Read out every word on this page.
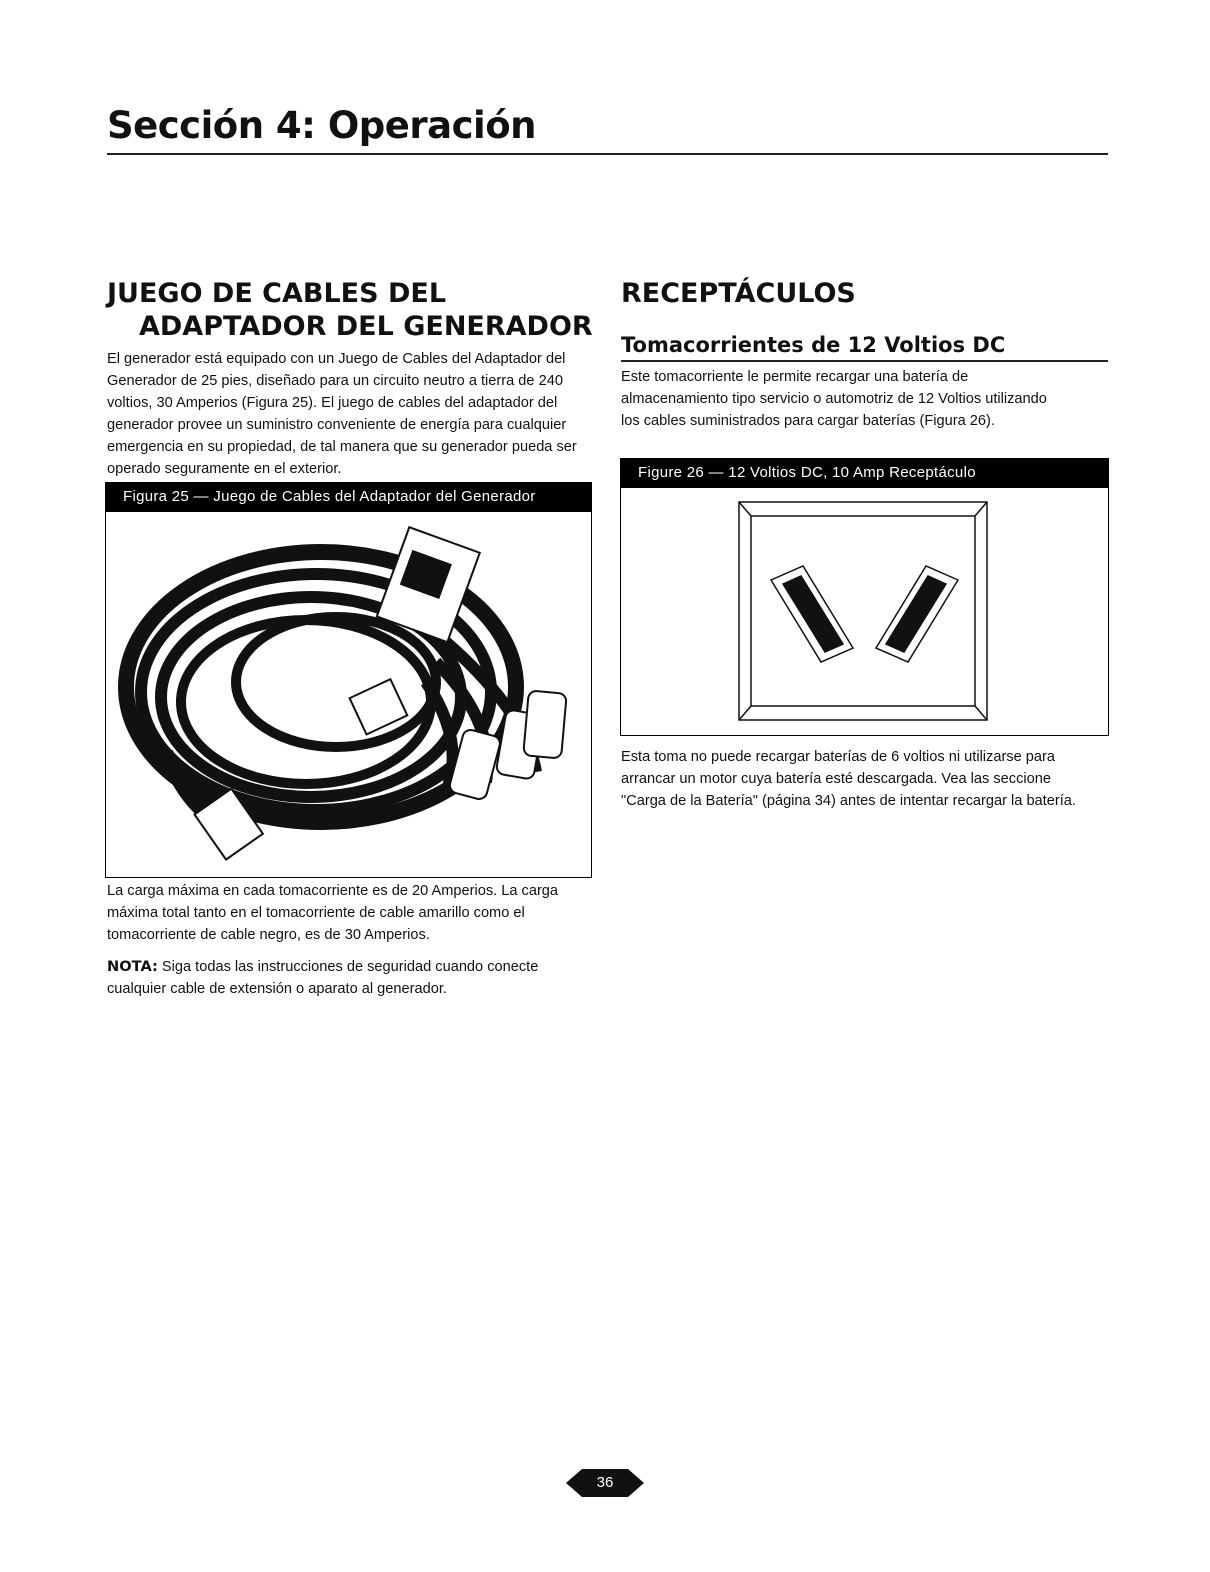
Sección 4: Operación
JUEGO DE CABLES DEL
ADAPTADOR DEL GENERADOR

El generador está equipado con un Juego de Cables del Adaptador del Generador de 25 pies, diseñado para un circuito neutro a tierra de 240 voltios, 30 Amperios (Figura 25). El juego de cables del adaptador del generador provee un suministro conveniente de energía para cualquier emergencia en su propiedad, de tal manera que su generador pueda ser operado seguramente en el exterior.

Figura 25 — Juego de Cables del Adaptador del Generador

La carga máxima en cada tomacorriente es de 20 Amperios. La carga máxima total tanto en el tomacorriente de cable amarillo como el tomacorriente de cable negro, es de 30 Amperios.

NOTA: Siga todas las instrucciones de seguridad cuando conecte cualquier cable de extensión o aparato al generador.

RECEPTÁCULOS
Tomacorrientes de 12 Voltios DC

Este tomacorriente le permite recargar una batería de almacenamiento tipo servicio o automotriz de 12 Voltios utilizando los cables suministrados para cargar baterías (Figura 26).

Figure 26 — 12 Voltios DC, 10 Amp Receptáculo

Esta toma no puede recargar baterías de 6 voltios ni utilizarse para arrancar un motor cuya batería esté descargada. Vea las seccione "Carga de la Batería" (página 34) antes de intentar recargar la batería.

36
